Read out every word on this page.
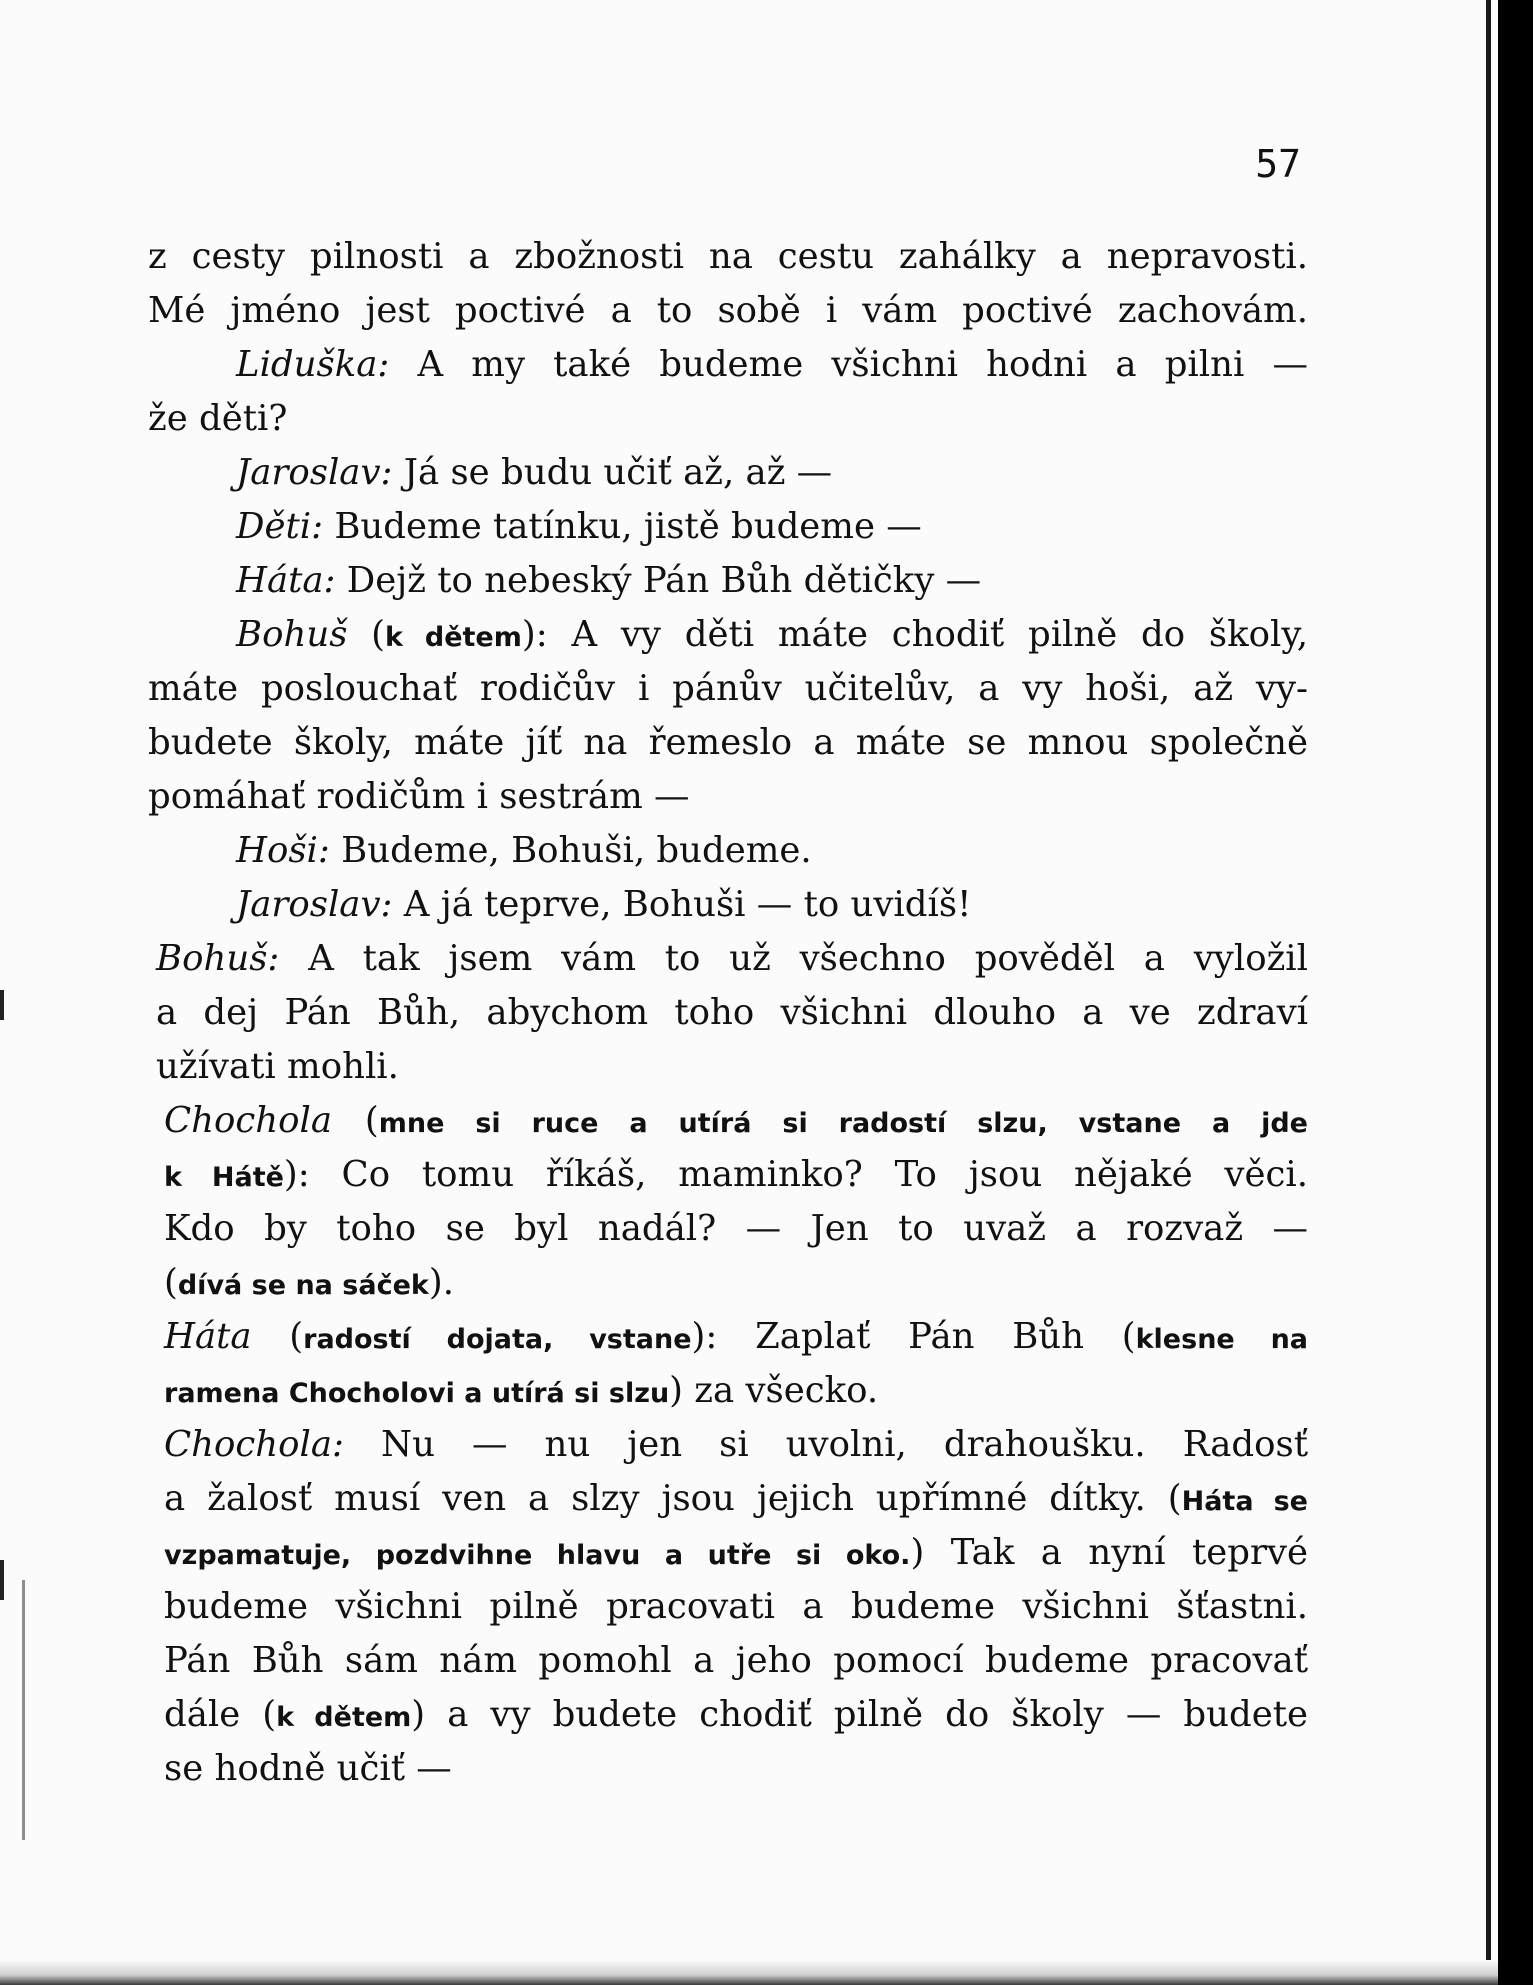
57
z cesty pilnosti a zbožnosti na cestu zahálky a nepravosti.
Mé jméno jest poctivé a to sobě i vám poctivé zachovám.
Liduška: A my také budeme všichni hodni a pilni —
že děti?
Jaroslav: Já se budu učiť až, až —
Děti: Budeme tatínku, jistě budeme —
Háta: Dejž to nebeský Pán Bůh dětičky —
Bohuš (k dětem): A vy děti máte chodiť pilně do školy,
máte poslouchať rodičův i pánův učitelův, a vy hoši, až vy-
budete školy, máte jíť na řemeslo a máte se mnou společně
pomáhať rodičům i sestrám —
Hoši: Budeme, Bohuši, budeme.
Jaroslav: A já teprve, Bohuši — to uvidíš!
Bohuš: A tak jsem vám to už všechno pověděl a vyložil
a dej Pán Bůh, abychom toho všichni dlouho a ve zdraví
užívati mohli.
Chochola (mne si ruce a utírá si radostí slzu, vstane a jde
k Hátě): Co tomu říkáš, maminko? To jsou nějaké věci.
Kdo by toho se byl nadál? — Jen to uvaž a rozvaž —
(dívá se na sáček).
Háta (radostí dojata, vstane): Zaplať Pán Bůh (klesne na
ramena Chocholovi a utírá si slzu) za všecko.
Chochola: Nu — nu jen si uvolni, drahoušku. Radosť
a žalosť musí ven a slzy jsou jejich upřímné dítky. (Háta se
vzpamatuje, pozdvihne hlavu a utře si oko.) Tak a nyní teprvé
budeme všichni pilně pracovati a budeme všichni šťastni.
Pán Bůh sám nám pomohl a jeho pomocí budeme pracovať
dále (k dětem) a vy budete chodiť pilně do školy — budete
se hodně učiť —
